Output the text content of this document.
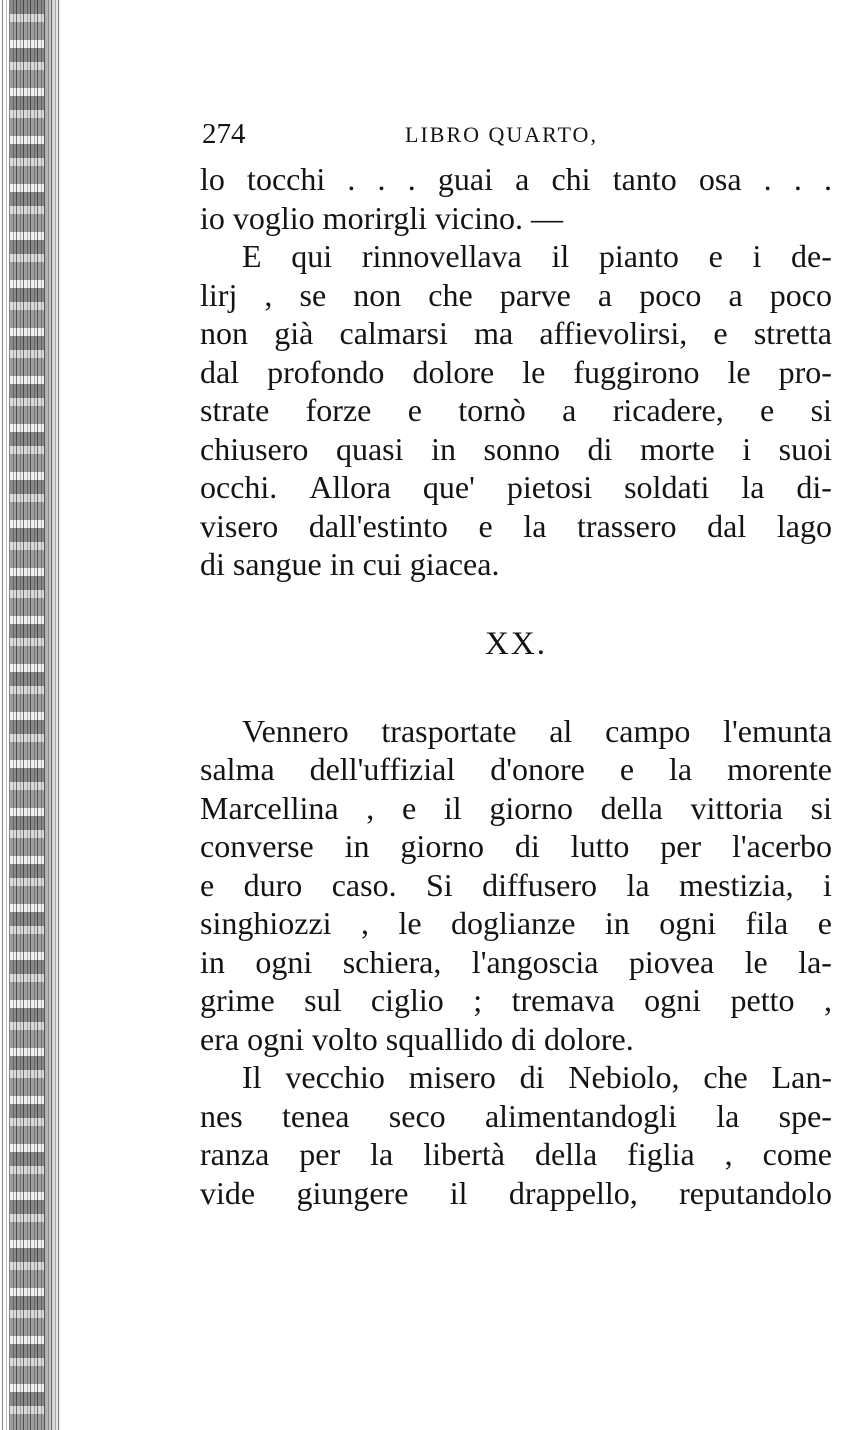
274	LIBRO QUARTO,
lo tocchi . . . guai a chi tanto osa . . .
io voglio morirgli vicino. —
E qui rinnovellava il pianto e i de-
lirj , se non che parve a poco a poco
non già calmarsi ma affievolirsi, e stretta
dal profondo dolore le fuggirono le pro-
strate forze e tornò a ricadere, e si
chiusero quasi in sonno di morte i suoi
occhi. Allora que' pietosi soldati la di-
visero dall'estinto e la trassero dal lago
di sangue in cui giacea.
XX.
Vennero trasportate al campo l'emunta
salma dell'uffizial d'onore e la morente
Marcellina , e il giorno della vittoria si
converse in giorno di lutto per l'acerbo
e duro caso. Si diffusero la mestizia, i
singhiozzi , le doglianze in ogni fila e
in ogni schiera, l'angoscia piovea le la-
grime sul ciglio ; tremava ogni petto ,
era ogni volto squallido di dolore.
Il vecchio misero di Nebiolo, che Lan-
nes tenea seco alimentandogli la spe-
ranza per la libertà della figlia , come
vide giungere il drappello, reputandolo
